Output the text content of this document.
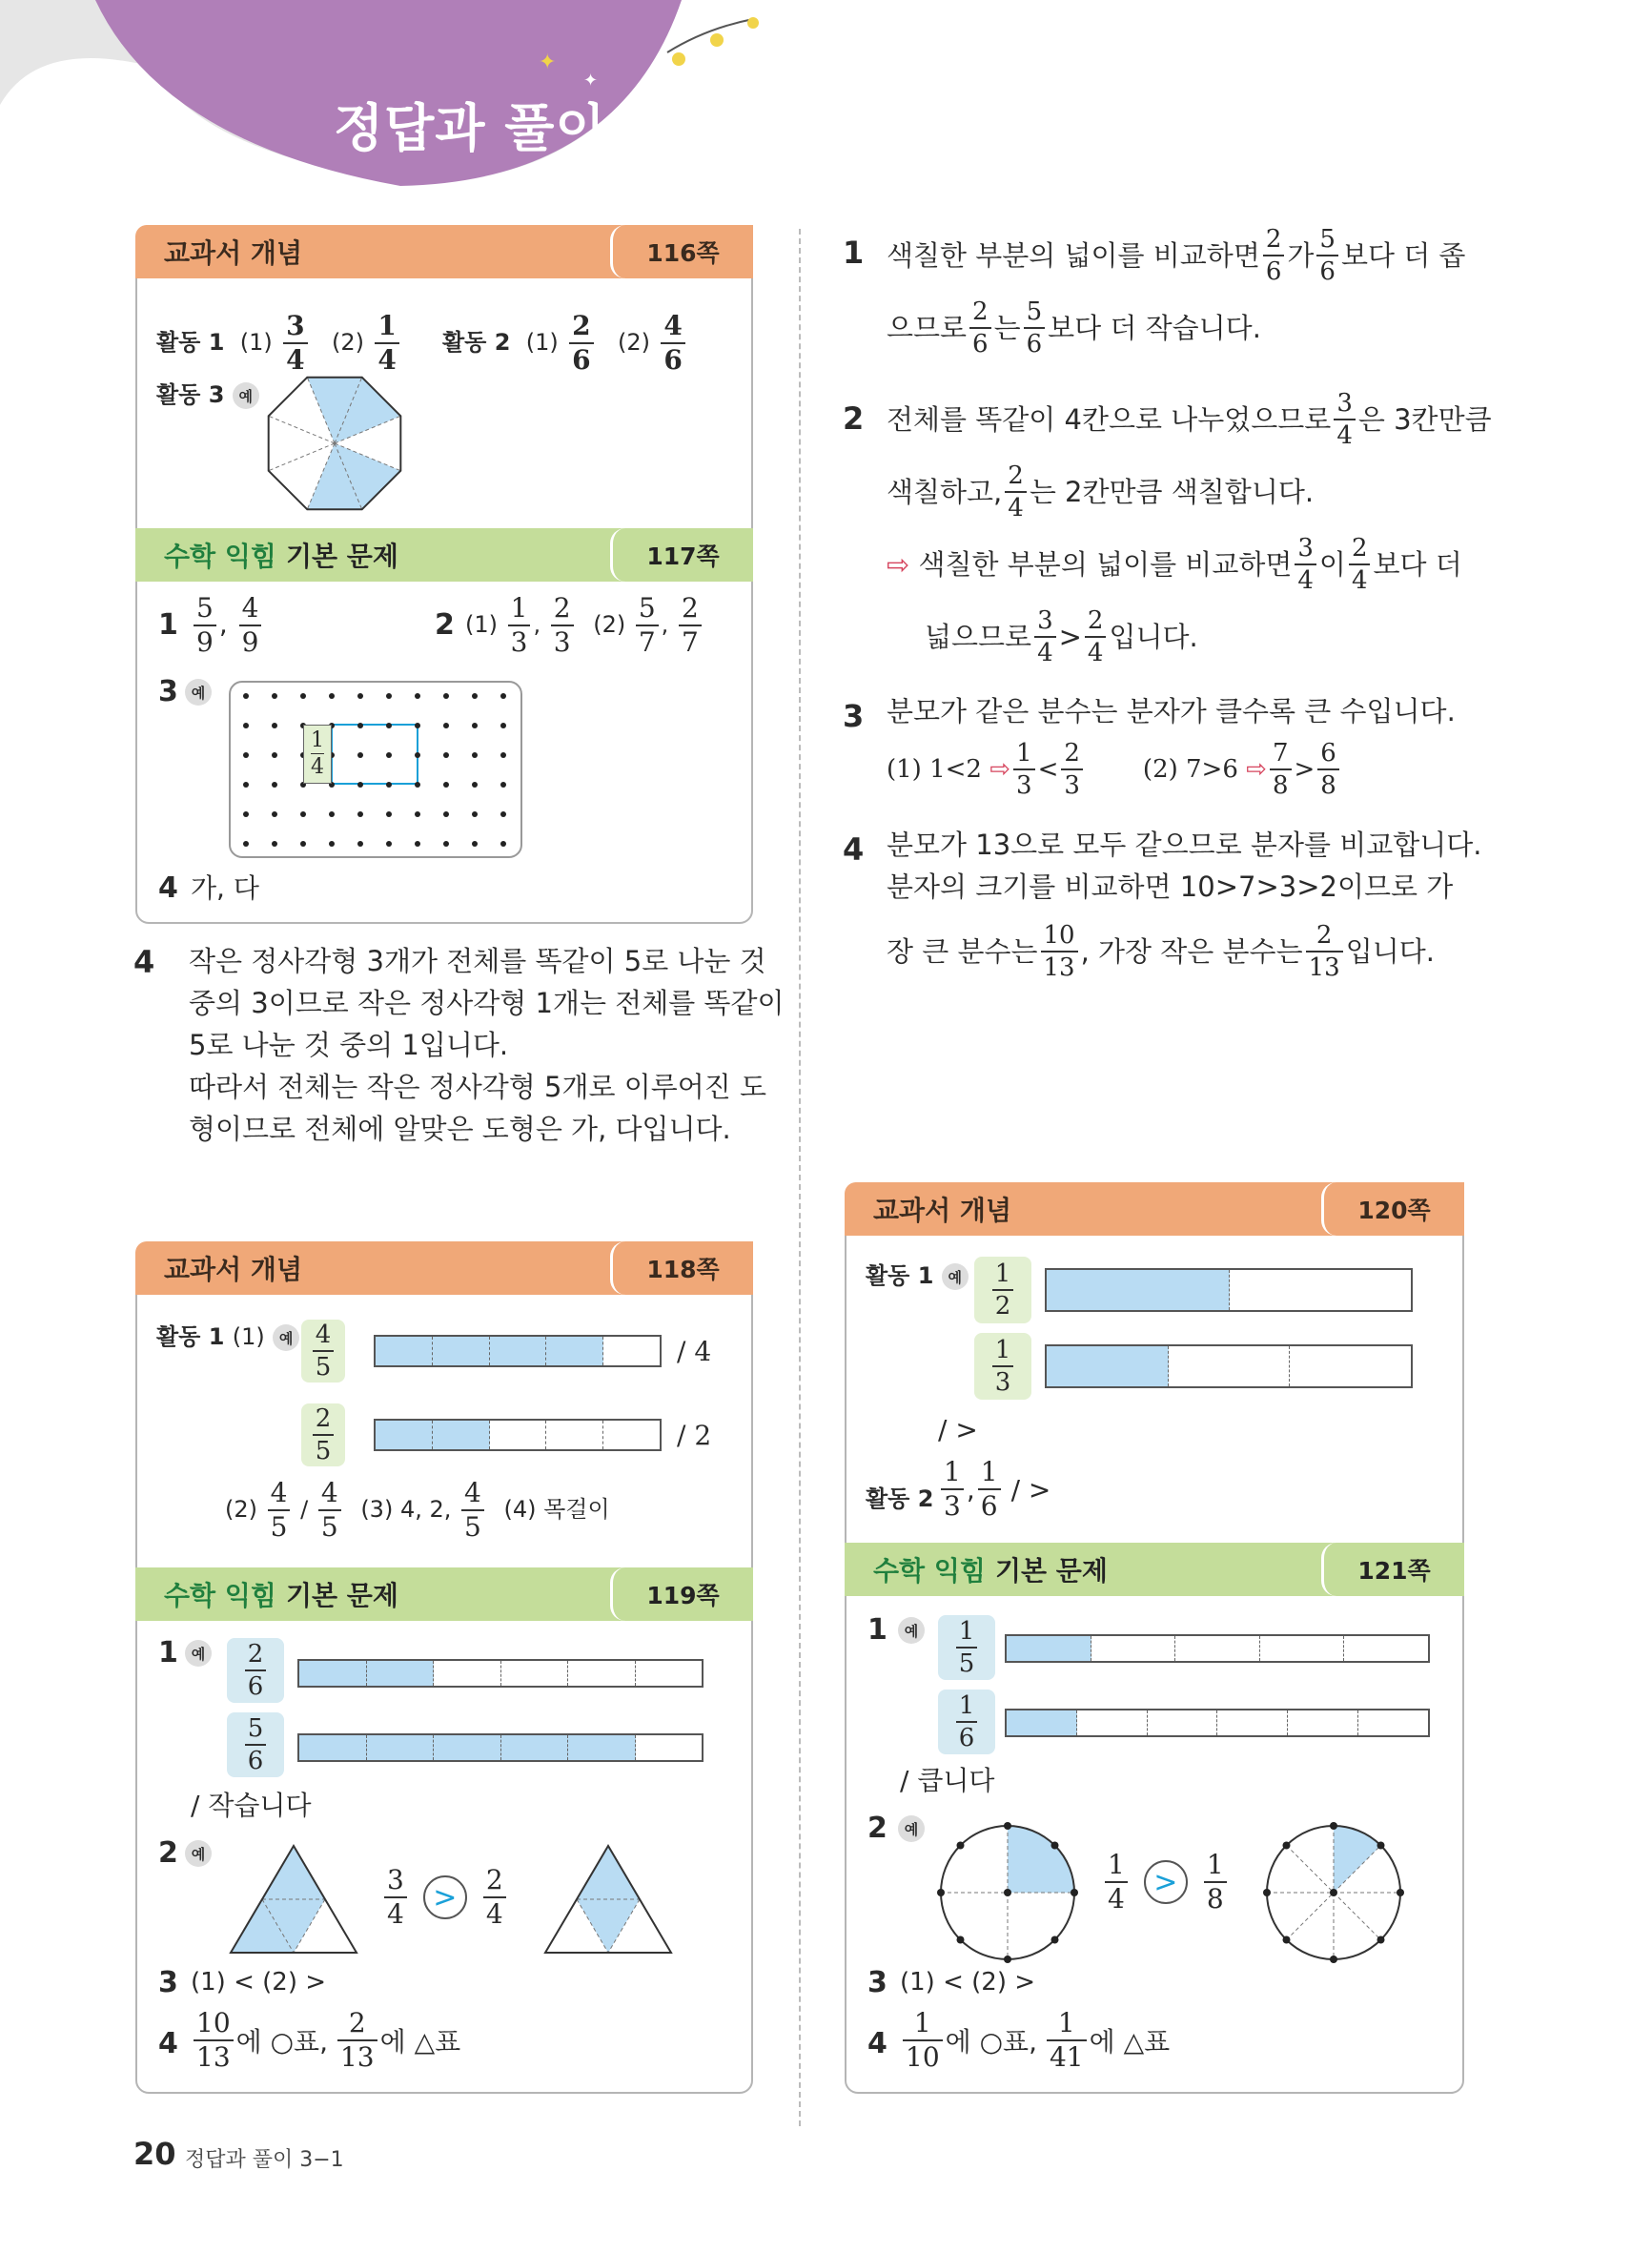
✦
✦
정답과 풀이
교과서 개념	116쪽
활동 1 $(1) \frac{3}{4} (2) \frac{1}{4}$ 활동 2 $(1) \frac{2}{6} (2) \frac{4}{6}$
활동 3 예
수학 익힘 기본 문제	117쪽
$1 \frac{5}{9}$ , $\frac{4}{9}$	2 $(1) \frac{1}{3}$ , $\frac{2}{3} (2) \frac{5}{7}$ , $\frac{2}{7}$
3 예
1
4
4 가, 다
4 작은 정사각형 3개가 전체를 똑같이 5로 나눈 것
중의 3이므로 작은 정사각형 1개는 전체를 똑같이
5로 나눈 것 중의 1입니다.
따라서 전체는 작은 정사각형 5개로 이루어진 도
형이므로 전체에 알맞은 도형은 가, 다입니다.
1 색칠한 부분의 넓이를 비교하면 2
6
가 5
6
보다 더 좁
으므로 2
6
는 5
6
보다 더 작습니다.
2 전체를 똑같이 4칸으로 나누었으므로 3
4
은 3칸만큼
색칠하고, 2
4
는 2칸만큼 색칠합니다.
⇨
색칠한 부분의 넓이를 비교하면 3
4
이 2
4
보다 더
넓으므로 3
4
> 2
4
입니다.
3 분모가 같은 분수는 분자가 클수록 큰 수입니다.
(1) 1<2
⇨
1
3
<
2
3
(2) 7>6
⇨
7
8
>
6
8
4 분모가 13으로 모두 같으므로 분자를 비교합니다.
분자의 크기를 비교하면 10>7>3>2이므로 가
장 큰 분수는 10
13
, 가장 작은 분수는 2
13
입니다.
교과서 개념	118쪽
활동 1 (1) 예 4
5	/ 4
2
5	/ 2
$(2) \frac{4}{5} / \frac{4}{5} (3)$ 4, 2, $\frac{4}{5} (4)$ 목걸이
수학 익힘 기본 문제	119쪽
1 예 2
6
5
6
/ 작습니다
2 예
3
4	>
2
4
3 (1) < (2) >
4
10
13 에 ○표,
2
13 에 △표
교과서 개념	120쪽
활동 1 예 1
2
1
3
/ >
활동 2
1
3
,
1
6
/ >
수학 익힘 기본 문제	121쪽
1	예 1
5
1
6
/ 큽니다
2	예
1
4	>
1
8
3 (1) < (2) >
4
1
10 에 ○표,
1
41 에 △표
20 정답과 풀이 3−1
